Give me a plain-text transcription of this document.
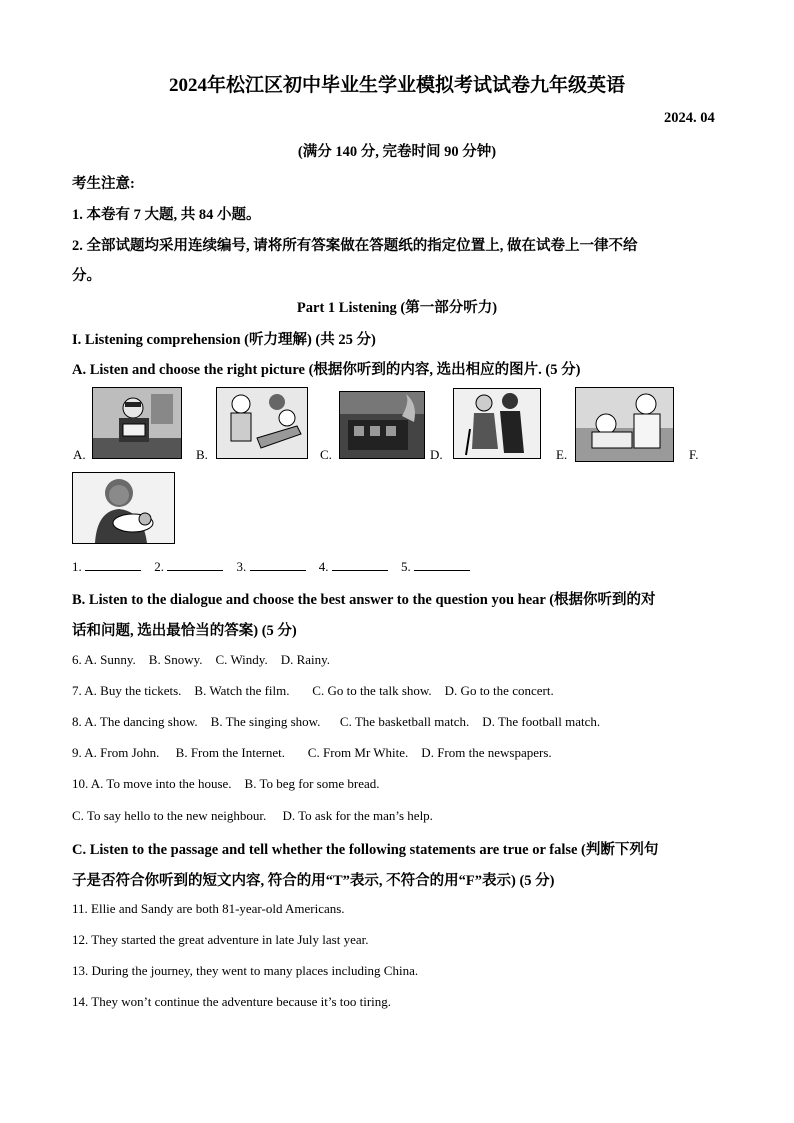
2024年松江区初中毕业生学业模拟考试试卷九年级英语
2024. 04
(满分 140 分, 完卷时间 90 分钟)
考生注意:
1. 本卷有 7 大题, 共 84 小题。
2. 全部试题均采用连续编号, 请将所有答案做在答题纸的指定位置上, 做在试卷上一律不给
分。
Part 1 Listening (第一部分听力)
I. Listening comprehension (听力理解) (共 25 分)
A. Listen and choose the right picture (根据你听到的内容, 选出相应的图片. (5 分)
A.	B.	C.	D.	E.	F.
1.	2.	3.	4.	5.
B. Listen to the dialogue and choose the best answer to the question you hear (根据你听到的对
话和问题, 选出最恰当的答案) (5 分)
6. A. Sunny.    B. Snowy.    C. Windy.    D. Rainy.
7. A. Buy the tickets.    B. Watch the film.       C. Go to the talk show.    D. Go to the concert.
8. A. The dancing show.    B. The singing show.      C. The basketball match.    D. The football match.
9. A. From John.     B. From the Internet.       C. From Mr White.    D. From the newspapers.
10. A. To move into the house.    B. To beg for some bread.
C. To say hello to the new neighbour.     D. To ask for the man’s help.
C. Listen to the passage and tell whether the following statements are true or false (判断下列句
子是否符合你听到的短文内容, 符合的用“T”表示, 不符合的用“F”表示) (5 分)
11. Ellie and Sandy are both 81-year-old Americans.
12. They started the great adventure in late July last year.
13. During the journey, they went to many places including China.
14. They won’t continue the adventure because it’s too tiring.
